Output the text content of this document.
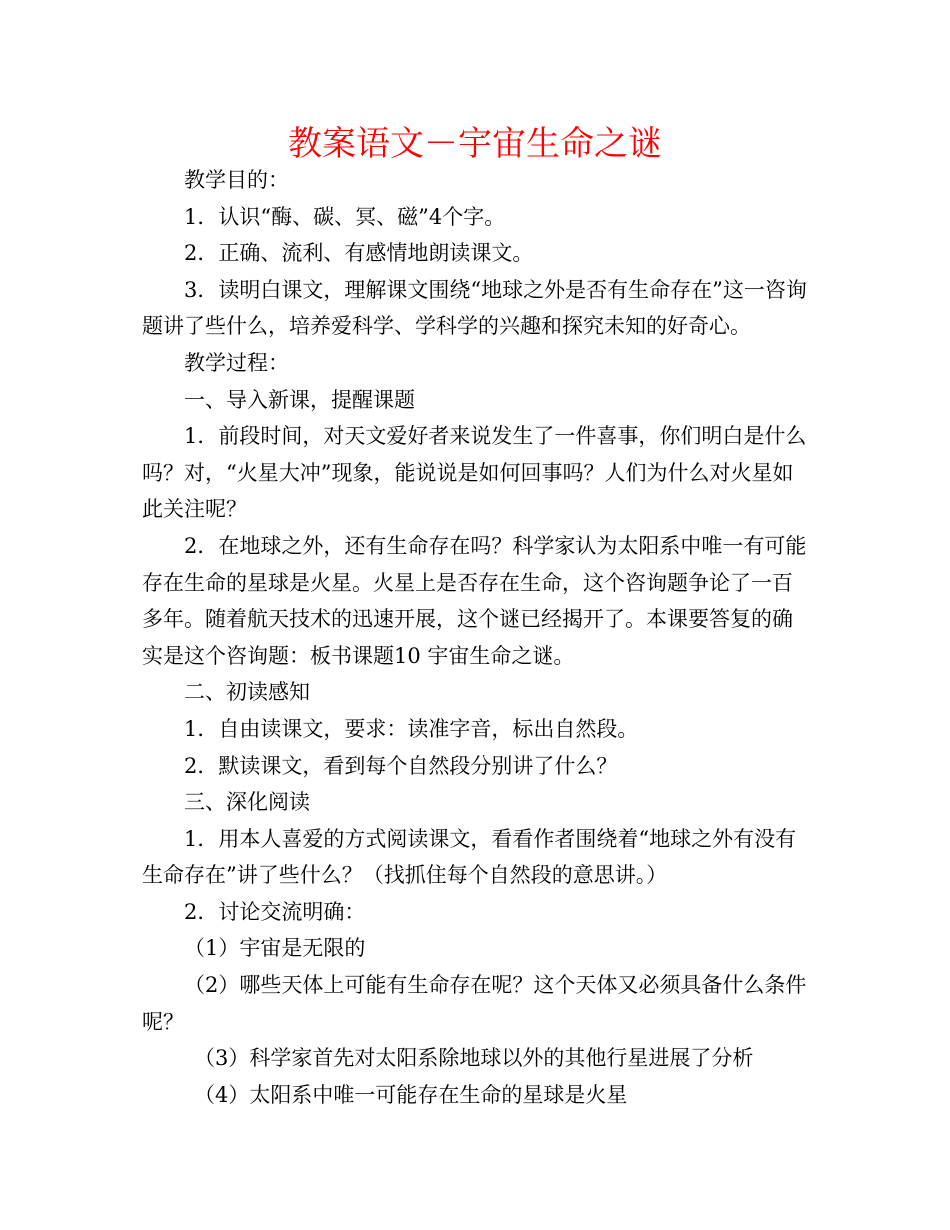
教案语文－宇宙生命之谜

教学目的：

1．认识“酶、碳、冥、磁”4个字。

2．正确、流利、有感情地朗读课文。

3．读明白课文，理解课文围绕“地球之外是否有生命存在”这一咨询题讲了些什么，培养爱科学、学科学的兴趣和探究未知的好奇心。

教学过程：

一、导入新课，提醒课题

1．前段时间，对天文爱好者来说发生了一件喜事，你们明白是什么吗？对，“火星大冲”现象，能说说是如何回事吗？人们为什么对火星如此关注呢？

2．在地球之外，还有生命存在吗？科学家认为太阳系中唯一有可能存在生命的星球是火星。火星上是否存在生命，这个咨询题争论了一百多年。随着航天技术的迅速开展，这个谜已经揭开了。本课要答复的确实是这个咨询题：板书课题10 宇宙生命之谜。

二、初读感知

1．自由读课文，要求：读准字音，标出自然段。

2．默读课文，看到每个自然段分别讲了什么？

三、深化阅读

1．用本人喜爱的方式阅读课文，看看作者围绕着“地球之外有没有生命存在”讲了些什么？（找抓住每个自然段的意思讲。）

2．讨论交流明确：

（1）宇宙是无限的

（2）哪些天体上可能有生命存在呢？这个天体又必须具备什么条件呢？

（3）科学家首先对太阳系除地球以外的其他行星进展了分析

（4）太阳系中唯一可能存在生命的星球是火星
